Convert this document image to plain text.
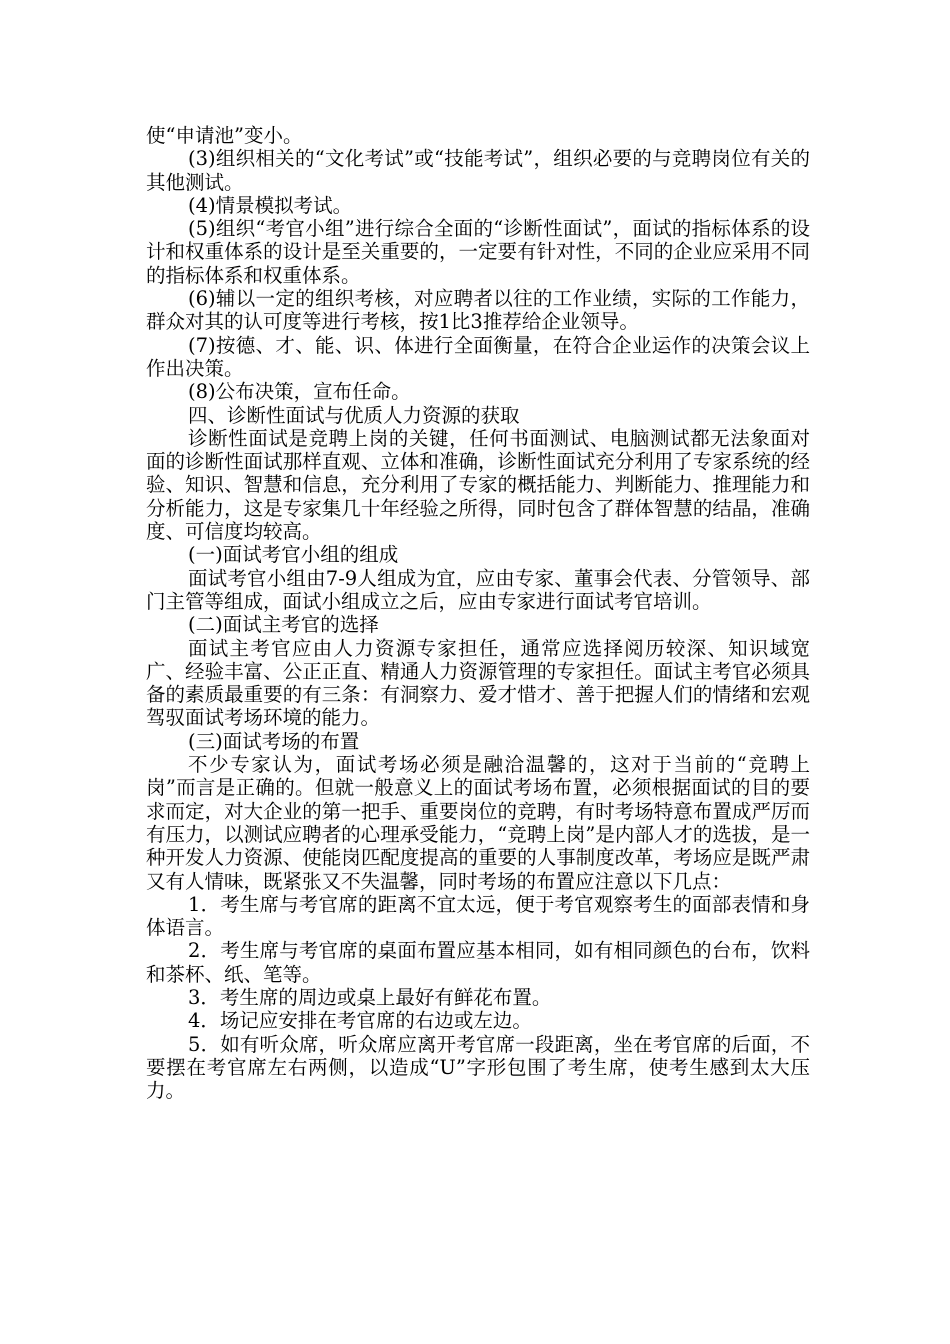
使“申请池”变小。

(3)组织相关的“文化考试”或“技能考试”，组织必要的与竞聘岗位有关的其他测试。

(4)情景模拟考试。

(5)组织“考官小组”进行综合全面的“诊断性面试”，面试的指标体系的设计和权重体系的设计是至关重要的，一定要有针对性，不同的企业应采用不同的指标体系和权重体系。

(6)辅以一定的组织考核，对应聘者以往的工作业绩，实际的工作能力，群众对其的认可度等进行考核，按1比3推荐给企业领导。

(7)按德、才、能、识、体进行全面衡量，在符合企业运作的决策会议上作出决策。

(8)公布决策，宣布任命。

四、诊断性面试与优质人力资源的获取

诊断性面试是竞聘上岗的关键，任何书面测试、电脑测试都无法象面对面的诊断性面试那样直观、立体和准确，诊断性面试充分利用了专家系统的经验、知识、智慧和信息，充分利用了专家的概括能力、判断能力、推理能力和分析能力，这是专家集几十年经验之所得，同时包含了群体智慧的结晶，准确度、可信度均较高。

(一)面试考官小组的组成

面试考官小组由7-9人组成为宜，应由专家、董事会代表、分管领导、部门主管等组成，面试小组成立之后，应由专家进行面试考官培训。

(二)面试主考官的选择

面试主考官应由人力资源专家担任，通常应选择阅历较深、知识域宽广、经验丰富、公正正直、精通人力资源管理的专家担任。面试主考官必须具备的素质最重要的有三条：有洞察力、爱才惜才、善于把握人们的情绪和宏观驾驭面试考场环境的能力。

(三)面试考场的布置

不少专家认为，面试考场必须是融洽温馨的，这对于当前的“竞聘上岗”而言是正确的。但就一般意义上的面试考场布置，必须根据面试的目的要求而定，对大企业的第一把手、重要岗位的竞聘，有时考场特意布置成严厉而有压力，以测试应聘者的心理承受能力，“竞聘上岗”是内部人才的选拔，是一种开发人力资源、使能岗匹配度提高的重要的人事制度改革，考场应是既严肃又有人情味，既紧张又不失温馨，同时考场的布置应注意以下几点：

1．考生席与考官席的距离不宜太远，便于考官观察考生的面部表情和身体语言。

2．考生席与考官席的桌面布置应基本相同，如有相同颜色的台布，饮料和茶杯、纸、笔等。

3．考生席的周边或桌上最好有鲜花布置。

4．场记应安排在考官席的右边或左边。

5．如有听众席，听众席应离开考官席一段距离，坐在考官席的后面，不要摆在考官席左右两侧，以造成“U”字形包围了考生席，使考生感到太大压力。
